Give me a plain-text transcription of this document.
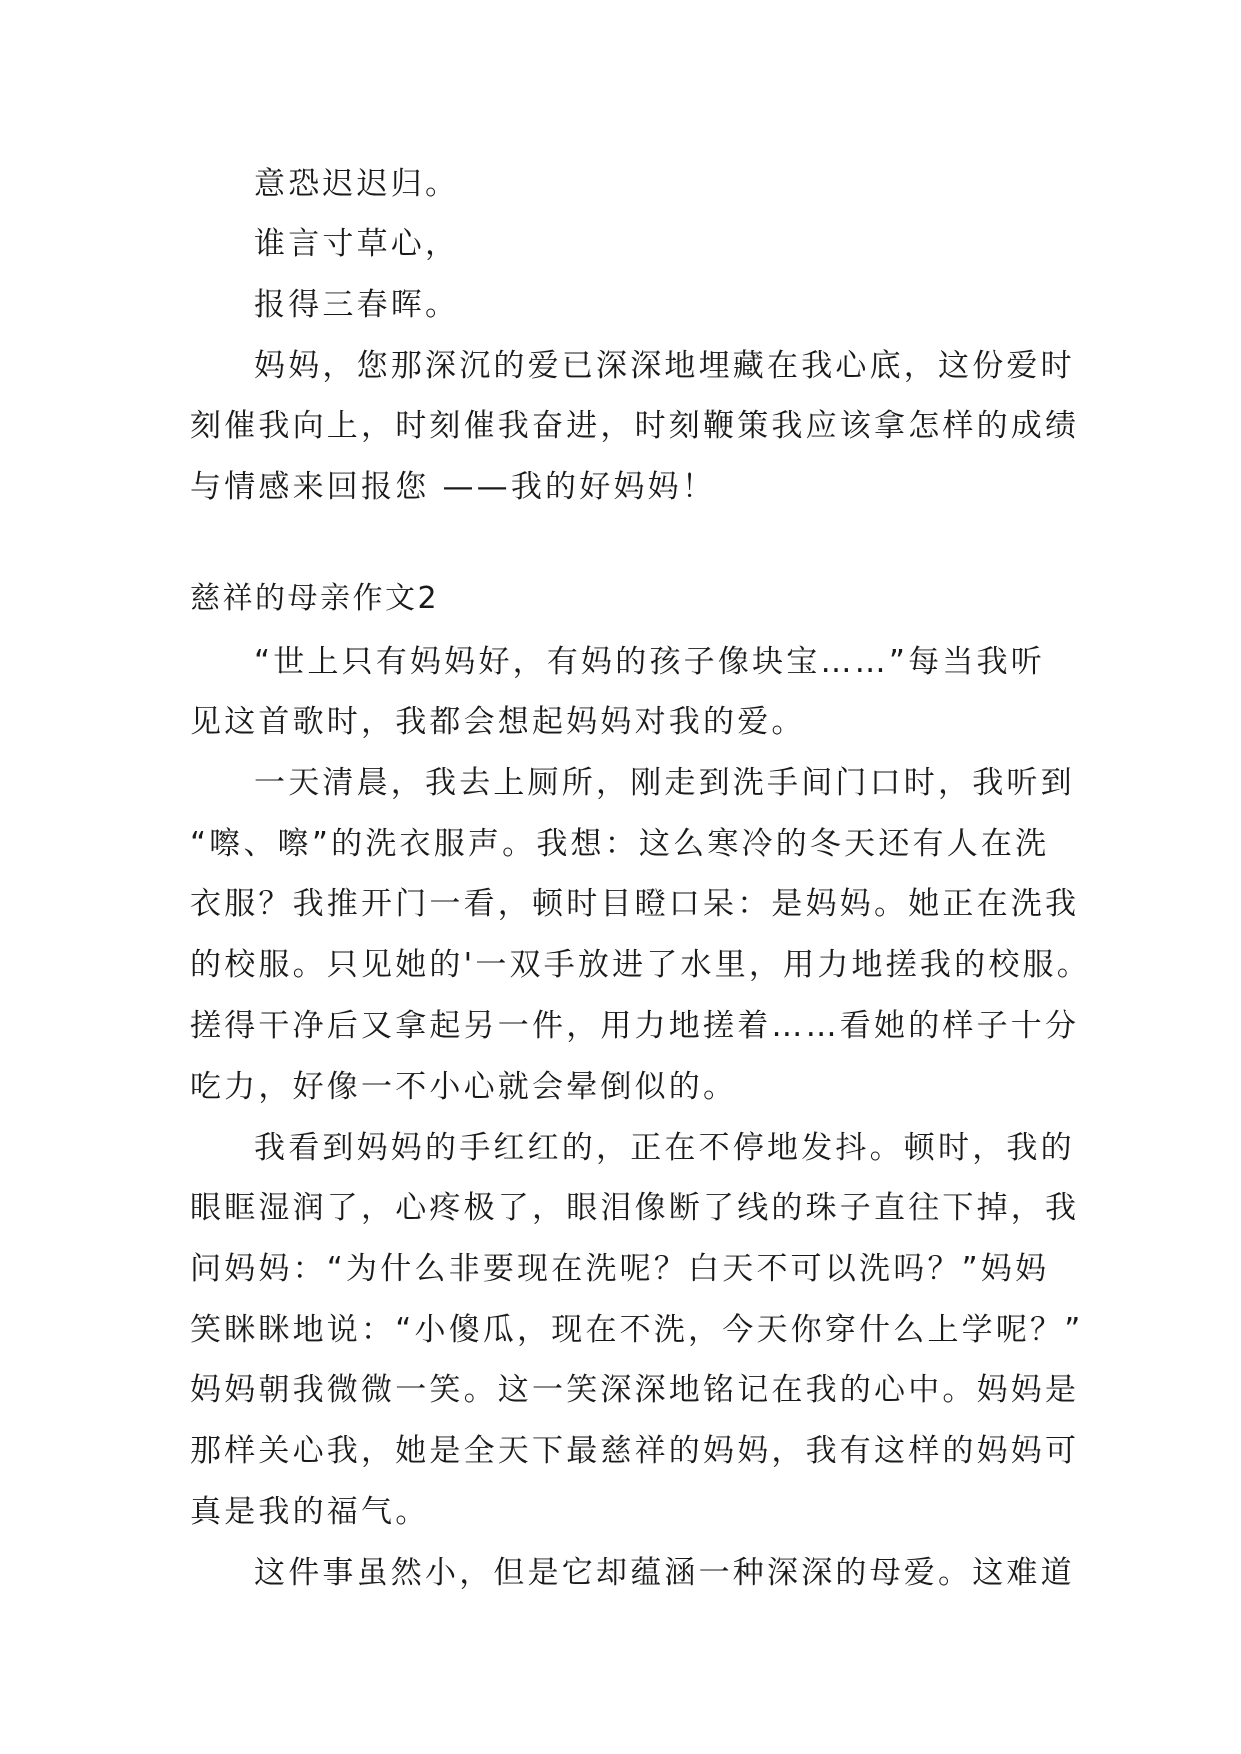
意恐迟迟归。

谁言寸草心，

报得三春晖。

妈妈，您那深沉的爱已深深地埋藏在我心底，这份爱时

刻催我向上，时刻催我奋进，时刻鞭策我应该拿怎样的成绩

与情感来回报您 ——我的好妈妈！

慈祥的母亲作文2

“世上只有妈妈好，有妈的孩子像块宝……”每当我听

见这首歌时，我都会想起妈妈对我的爱。

一天清晨，我去上厕所，刚走到洗手间门口时，我听到

“嚓、嚓”的洗衣服声。我想：这么寒冷的冬天还有人在洗

衣服？我推开门一看，顿时目瞪口呆：是妈妈。她正在洗我

的校服。只见她的'一双手放进了水里，用力地搓我的校服。

搓得干净后又拿起另一件，用力地搓着……看她的样子十分

吃力，好像一不小心就会晕倒似的。

我看到妈妈的手红红的，正在不停地发抖。顿时，我的

眼眶湿润了，心疼极了，眼泪像断了线的珠子直往下掉，我

问妈妈：“为什么非要现在洗呢？白天不可以洗吗？”妈妈

笑眯眯地说：“小傻瓜，现在不洗，今天你穿什么上学呢？”

妈妈朝我微微一笑。这一笑深深地铭记在我的心中。妈妈是

那样关心我，她是全天下最慈祥的妈妈，我有这样的妈妈可

真是我的福气。

这件事虽然小，但是它却蕴涵一种深深的母爱。这难道
